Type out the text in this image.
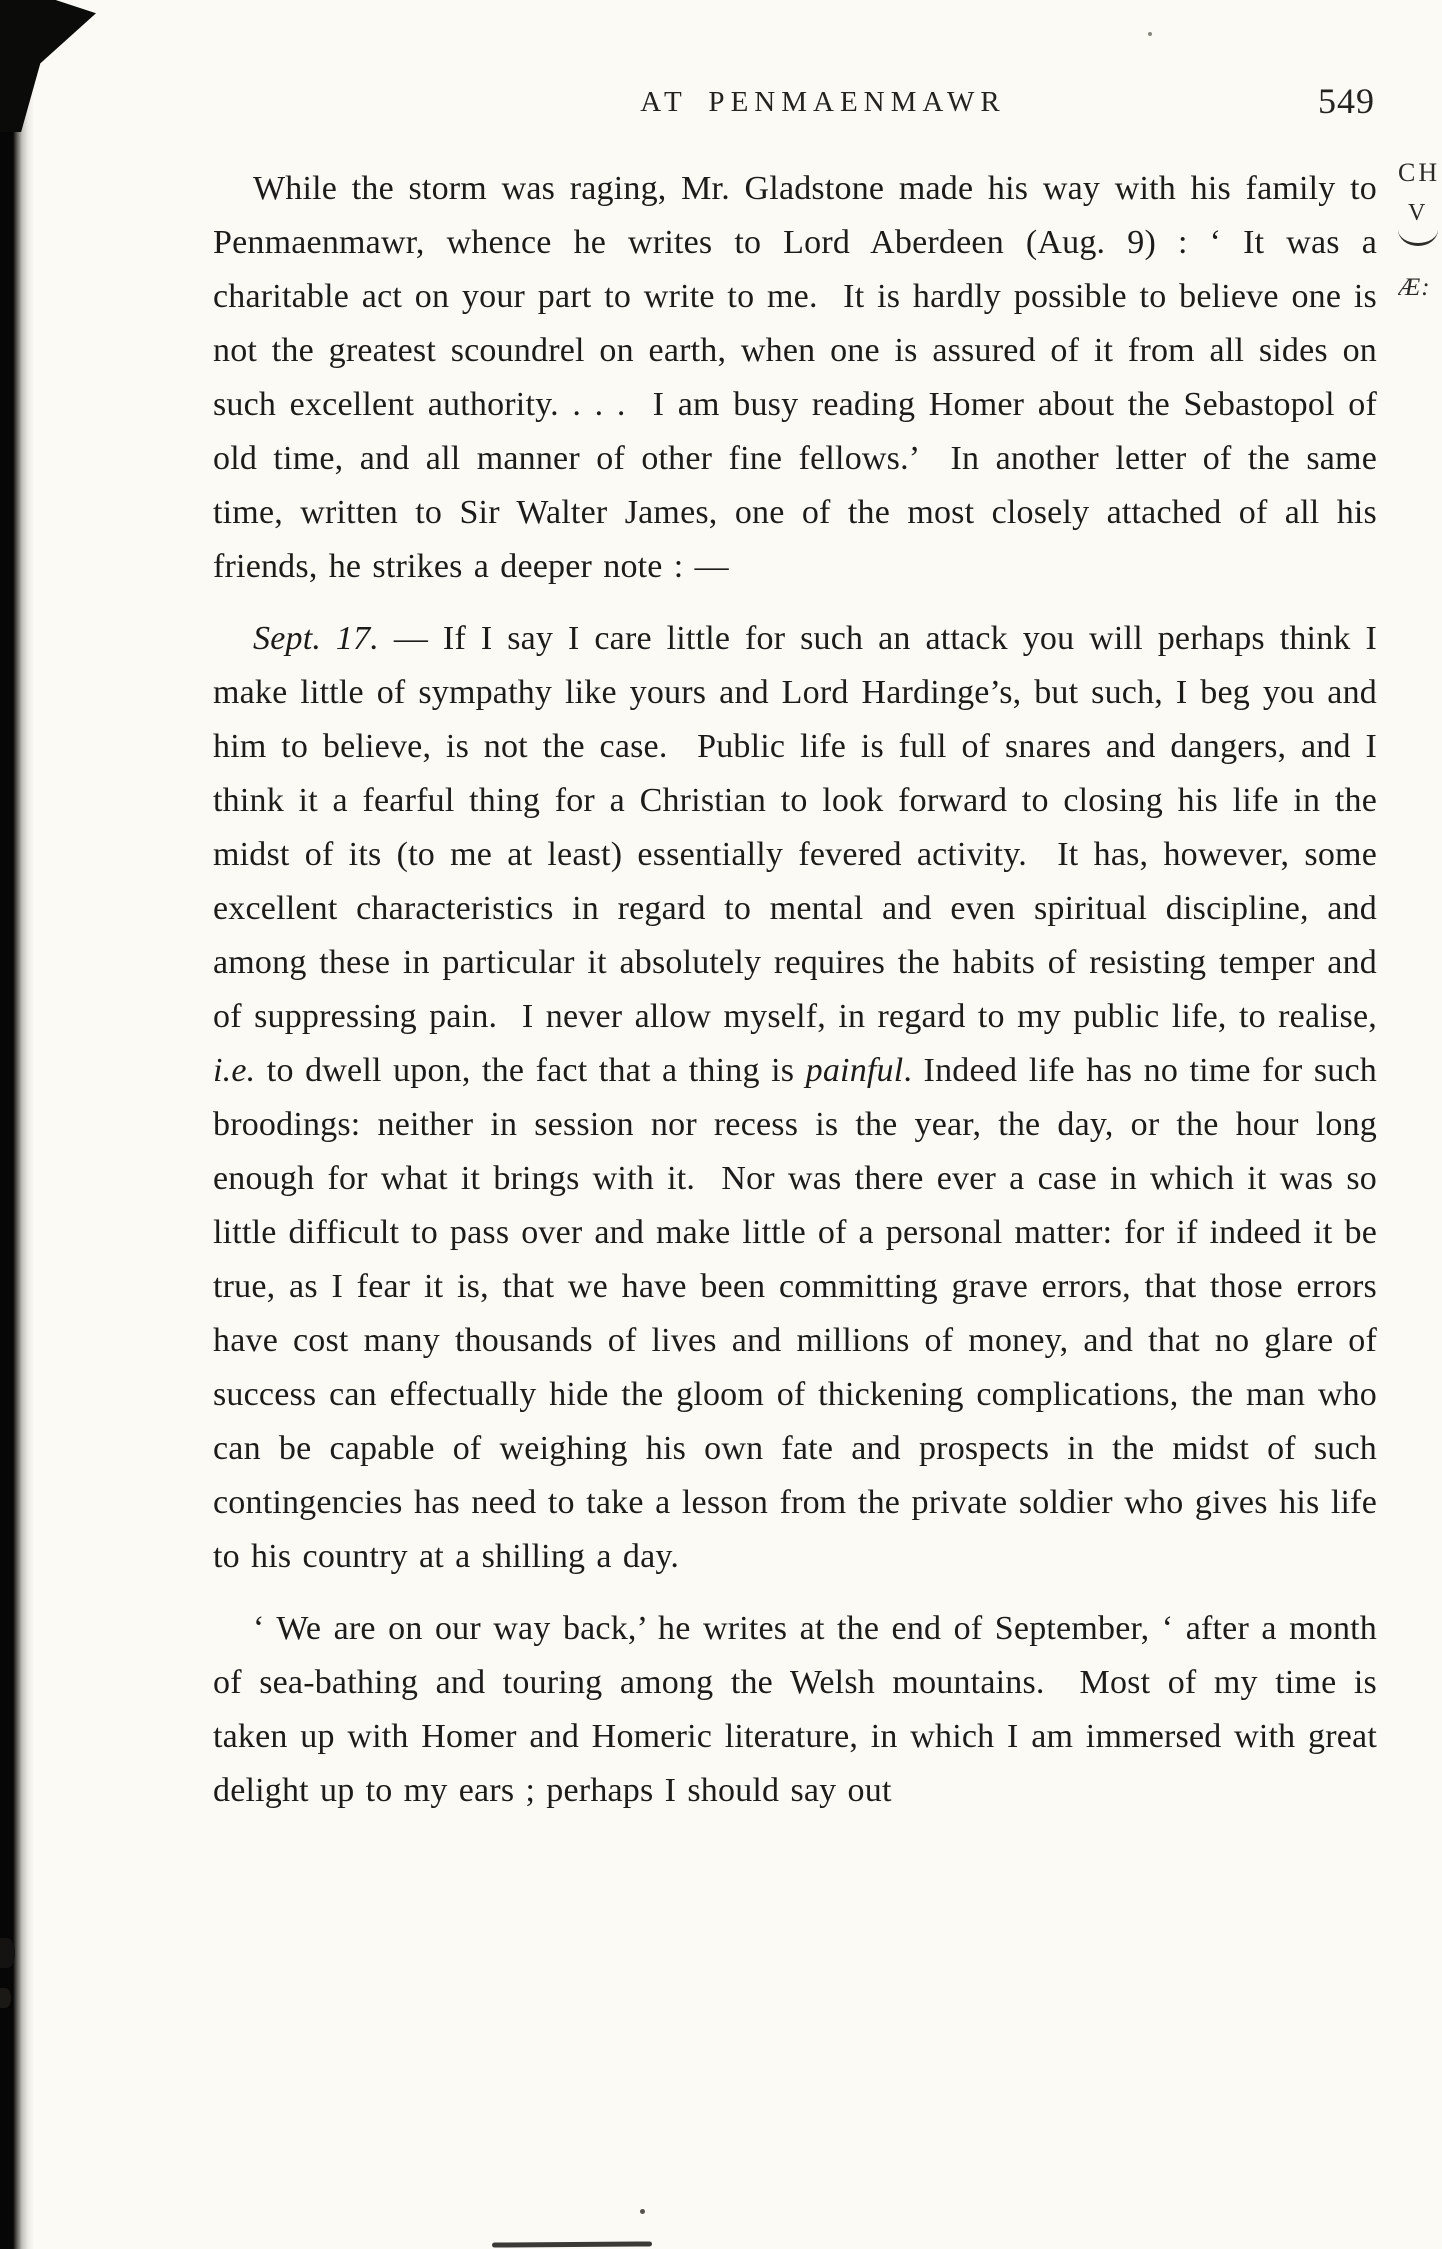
AT PENMAENMAWR	549

While the storm was raging, Mr. Gladstone made his way with his family to Penmaenmawr, whence he writes to Lord Aberdeen (Aug. 9) : ‘ It was a charitable act on your part to write to me.  It is hardly possible to believe one is not the greatest scoundrel on earth, when one is assured of it from all sides on such excellent authority. . . .  I am busy reading Homer about the Sebastopol of old time, and all manner of other fine fellows.’  In another letter of the same time, written to Sir Walter James, one of the most closely attached of all his friends, he strikes a deeper note : —

Sept. 17. — If I say I care little for such an attack you will perhaps think I make little of sympathy like yours and Lord Hardinge’s, but such, I beg you and him to believe, is not the case.  Public life is full of snares and dangers, and I think it a fearful thing for a Christian to look forward to closing his life in the midst of its (to me at least) essentially fevered activity.  It has, however, some excellent characteristics in regard to mental and even spiritual discipline, and among these in particular it absolutely requires the habits of resisting temper and of suppressing pain.  I never allow myself, in regard to my public life, to realise, i.e. to dwell upon, the fact that a thing is painful. Indeed life has no time for such broodings: neither in session nor recess is the year, the day, or the hour long enough for what it brings with it.  Nor was there ever a case in which it was so little difficult to pass over and make little of a personal matter: for if indeed it be true, as I fear it is, that we have been committing grave errors, that those errors have cost many thousands of lives and millions of money, and that no glare of success can effectually hide the gloom of thickening complications, the man who can be capable of weighing his own fate and prospects in the midst of such contingencies has need to take a lesson from the private soldier who gives his life to his country at a shilling a day.

‘ We are on our way back,’ he writes at the end of September, ‘ after a month of sea-bathing and touring among the Welsh mountains.  Most of my time is taken up with Homer and Homeric literature, in which I am immersed with great delight up to my ears ; perhaps I should say out

CH
V
Æ:
